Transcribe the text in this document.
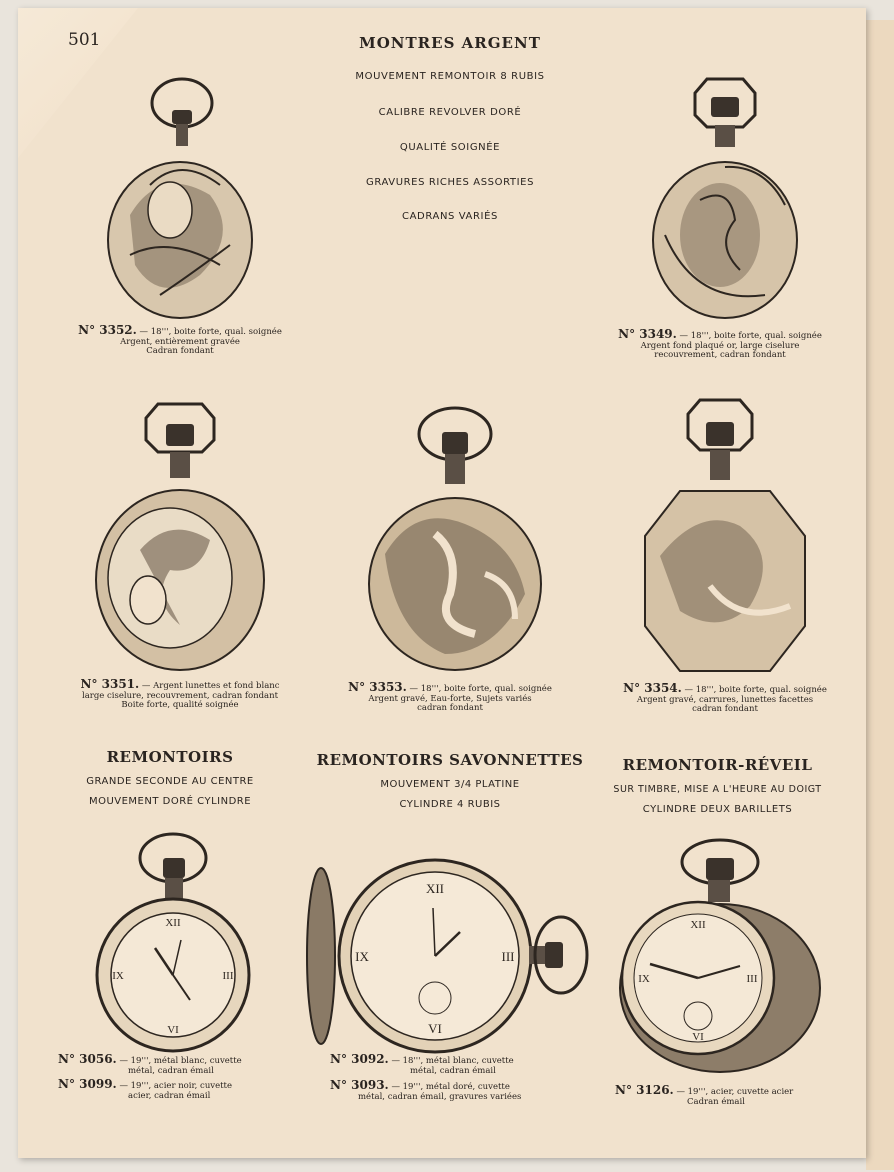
501	MONTRES ARGENT
MOUVEMENT REMONTOIR 8 RUBIS
CALIBRE REVOLVER DORÉ
QUALITÉ SOIGNÉE
GRAVURES RICHES ASSORTIES
CADRANS VARIÉS
N° 3352. — 18''', boite forte, qual. soignée
Argent, entièrement gravée
Cadran fondant
N° 3349. — 18''', boite forte, qual. soignée
Argent fond plaqué or, large ciselure
recouvrement, cadran fondant
N° 3351. — Argent lunettes et fond blanc
large ciselure, recouvrement, cadran fondant
Boite forte, qualité soignée
N° 3353. — 18''', boite forte, qual. soignée
Argent gravé, Eau-forte, Sujets variés
cadran fondant
N° 3354. — 18''', boite forte, qual. soignée
Argent gravé, carrures, lunettes facettes
cadran fondant
REMONTOIRS
GRANDE SECONDE AU CENTRE
MOUVEMENT DORÉ CYLINDRE
REMONTOIRS SAVONNETTES
MOUVEMENT 3/4 PLATINE
CYLINDRE 4 RUBIS
REMONTOIR-RÉVEIL
SUR TIMBRE, MISE A L'HEURE AU DOIGT
CYLINDRE DEUX BARILLETS
XII
III
VI
IX
XII
III
VI
IX
XII
III
VI
IX
N° 3056. — 19''', métal blanc, cuvette
métal, cadran émail
N° 3099. — 19''', acier noir, cuvette
acier, cadran émail
N° 3092. — 18''', métal blanc, cuvette
métal, cadran émail
N° 3093. — 19''', métal doré, cuvette
métal, cadran émail, gravures variées	N° 3126. — 19''', acier, cuvette acier
Cadran émail
